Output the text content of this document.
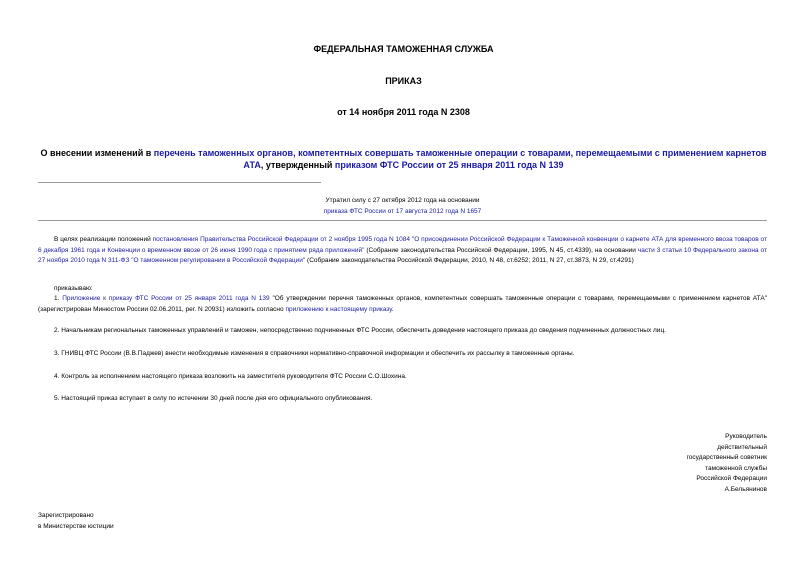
ФЕДЕРАЛЬНАЯ ТАМОЖЕННАЯ СЛУЖБА
ПРИКАЗ
от 14 ноября 2011 года N 2308
О внесении изменений в перечень таможенных органов, компетентных совершать таможенные операции с товарами, перемещаемыми с применением карнетов АТА, утвержденный приказом ФТС России от 25 января 2011 года N 139
Утратил силу с 27 октября 2012 года на основании
приказа ФТС России от 17 августа 2012 года N 1657
В целях реализации положений постановления Правительства Российской Федерации от 2 ноября 1995 года N 1084 "О присоединении Российской Федерации к Таможенной конвенции о карнете АТА для временного ввоза товаров от 6 декабря 1961 года и Конвенции о временном ввозе от 26 июня 1990 года с принятием ряда приложений" (Собрание законодательства Российской Федерации, 1995, N 45, ст.4339), на основании части 3 статьи 10 Федерального закона от 27 ноября 2010 года N 311-ФЗ "О таможенном регулировании в Российской Федерации" (Собрание законодательства Российской Федерации, 2010, N 48, ст.6252; 2011, N 27, ст.3873, N 29, ст.4291)
приказываю:
1. Приложение к приказу ФТС России от 25 января 2011 года N 139 "Об утверждении перечня таможенных органов, компетентных совершать таможенные операции с товарами, перемещаемыми с применением карнетов АТА" (зарегистрирован Минюстом России 02.06.2011, рег. N 20931) изложить согласно приложению к настоящему приказу.
2. Начальникам региональных таможенных управлений и таможен, непосредственно подчиненных ФТС России, обеспечить доведение настоящего приказа до сведения подчиненных должностных лиц.
3. ГНИВЦ ФТС России (В.В.Паджев) внести необходимые изменения в справочники нормативно-справочной информации и обеспечить их рассылку в таможенные органы.
4. Контроль за исполнением настоящего приказа возложить на заместителя руководителя ФТС России С.О.Шохина.
5. Настоящий приказ вступает в силу по истечении 30 дней после дня его официального опубликования.
Руководитель
действительный
государственный советник
таможенной службы
Российской Федерации
А.Бельянинов
Зарегистрировано
в Министерстве юстиции
